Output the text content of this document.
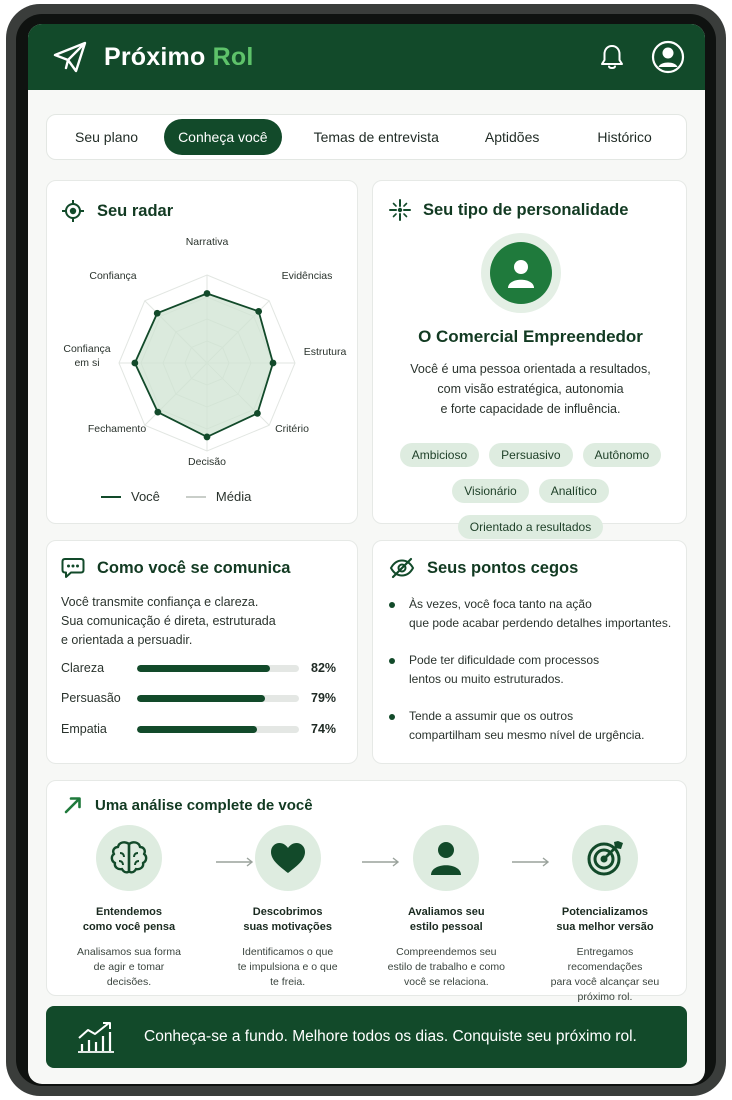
Próximo Rol
Seu plano	Conheça você	Temas de entrevista	Aptidões	Histórico
Seu radar
Narrativa
Evidências
Estrutura
Critério
Decisão
Fechamento
Confiança
em si
Confiança
Você	Média
Seu tipo de personalidade
O Comercial Empreendedor
Você é uma pessoa orientada a resultados,
com visão estratégica, autonomia
e forte capacidade de influência.
Ambicioso	Persuasivo	Autônomo
Visionário	Analítico
Orientado a resultados
Como você se comunica
Você transmite confiança e clareza.
Sua comunicação é direta, estruturada
e orientada a persuadir.
Clareza	82%
Persuasão	79%
Empatia	74%
Seus pontos cegos
Às vezes, você foca tanto na ação
que pode acabar perdendo detalhes importantes.
Pode ter dificuldade com processos
lentos ou muito estruturados.
Tende a assumir que os outros
compartilham seu mesmo nível de urgência.
Uma análise complete de você
Entendemos
como você pensa
Analisamos sua forma
de agir e tomar
decisões.
Descobrimos
suas motivações
Identificamos o que
te impulsiona e o que
te freia.
Avaliamos seu
estilo pessoal
Compreendemos seu
estilo de trabalho e como
você se relaciona.
Potencializamos
sua melhor versão
Entregamos recomendações
para você alcançar seu
próximo rol.
Conheça-se a fundo. Melhore todos os dias. Conquiste seu próximo rol.
